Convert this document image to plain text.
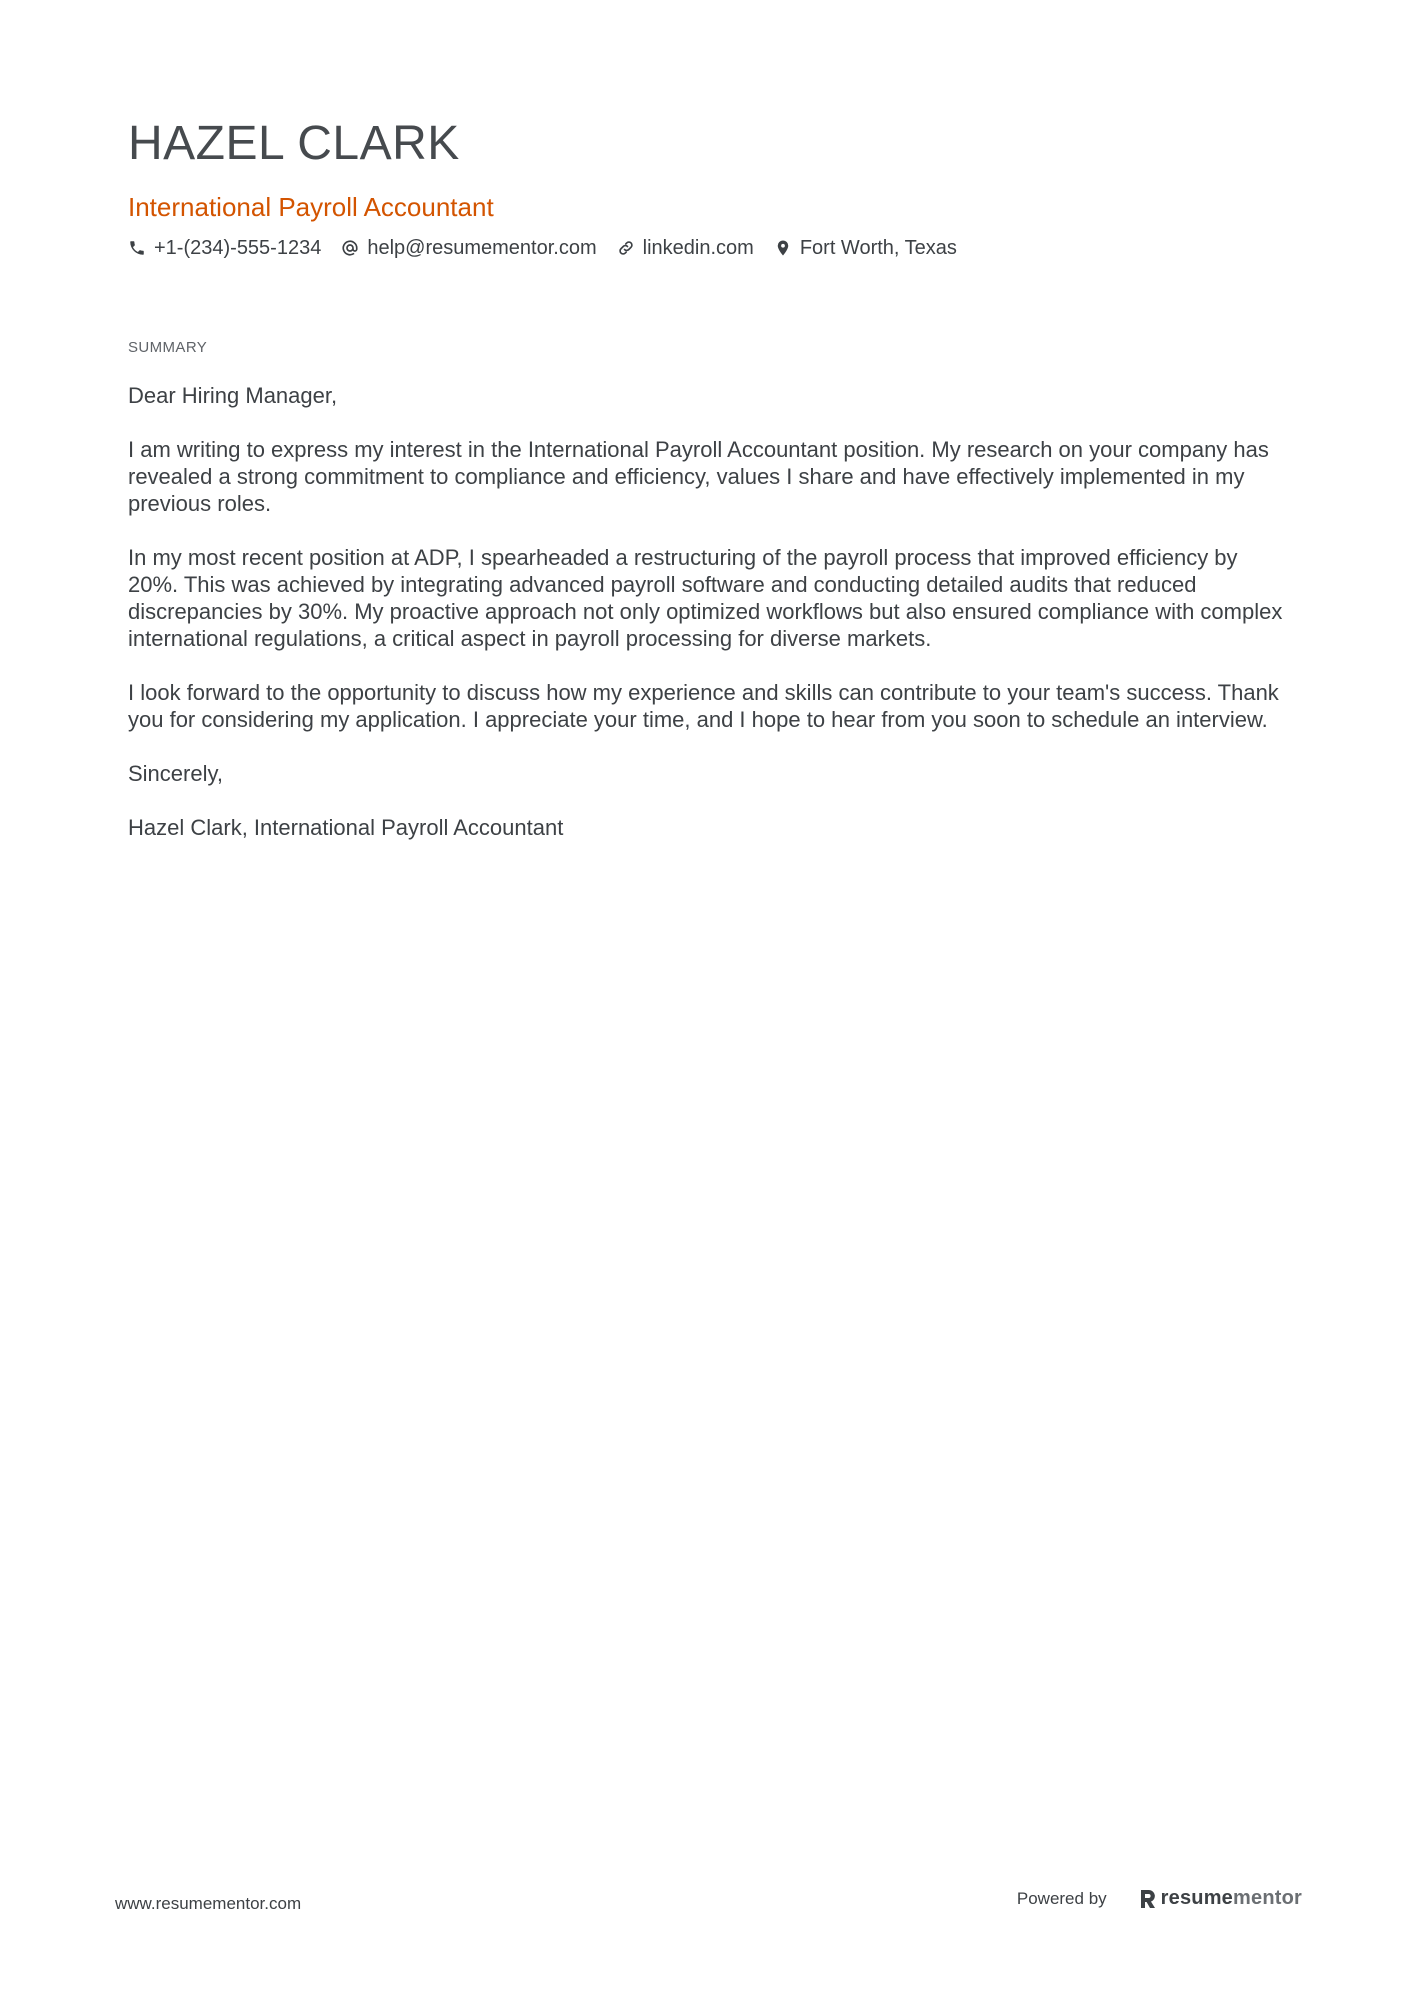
HAZEL CLARK
International Payroll Accountant
+1-(234)-555-1234 help@resumementor.com linkedin.com Fort Worth, Texas
SUMMARY

Dear Hiring Manager,

I am writing to express my interest in the International Payroll Accountant position. My research on your company has revealed a strong commitment to compliance and efficiency, values I share and have effectively implemented in my previous roles.

In my most recent position at ADP, I spearheaded a restructuring of the payroll process that improved efficiency by 20%. This was achieved by integrating advanced payroll software and conducting detailed audits that reduced discrepancies by 30%. My proactive approach not only optimized workflows but also ensured compliance with complex international regulations, a critical aspect in payroll processing for diverse markets.

I look forward to the opportunity to discuss how my experience and skills can contribute to your team's success. Thank you for considering my application. I appreciate your time, and I hope to hear from you soon to schedule an interview.

Sincerely,

Hazel Clark, International Payroll Accountant

www.resumementor.com	Powered by	resume mentor
